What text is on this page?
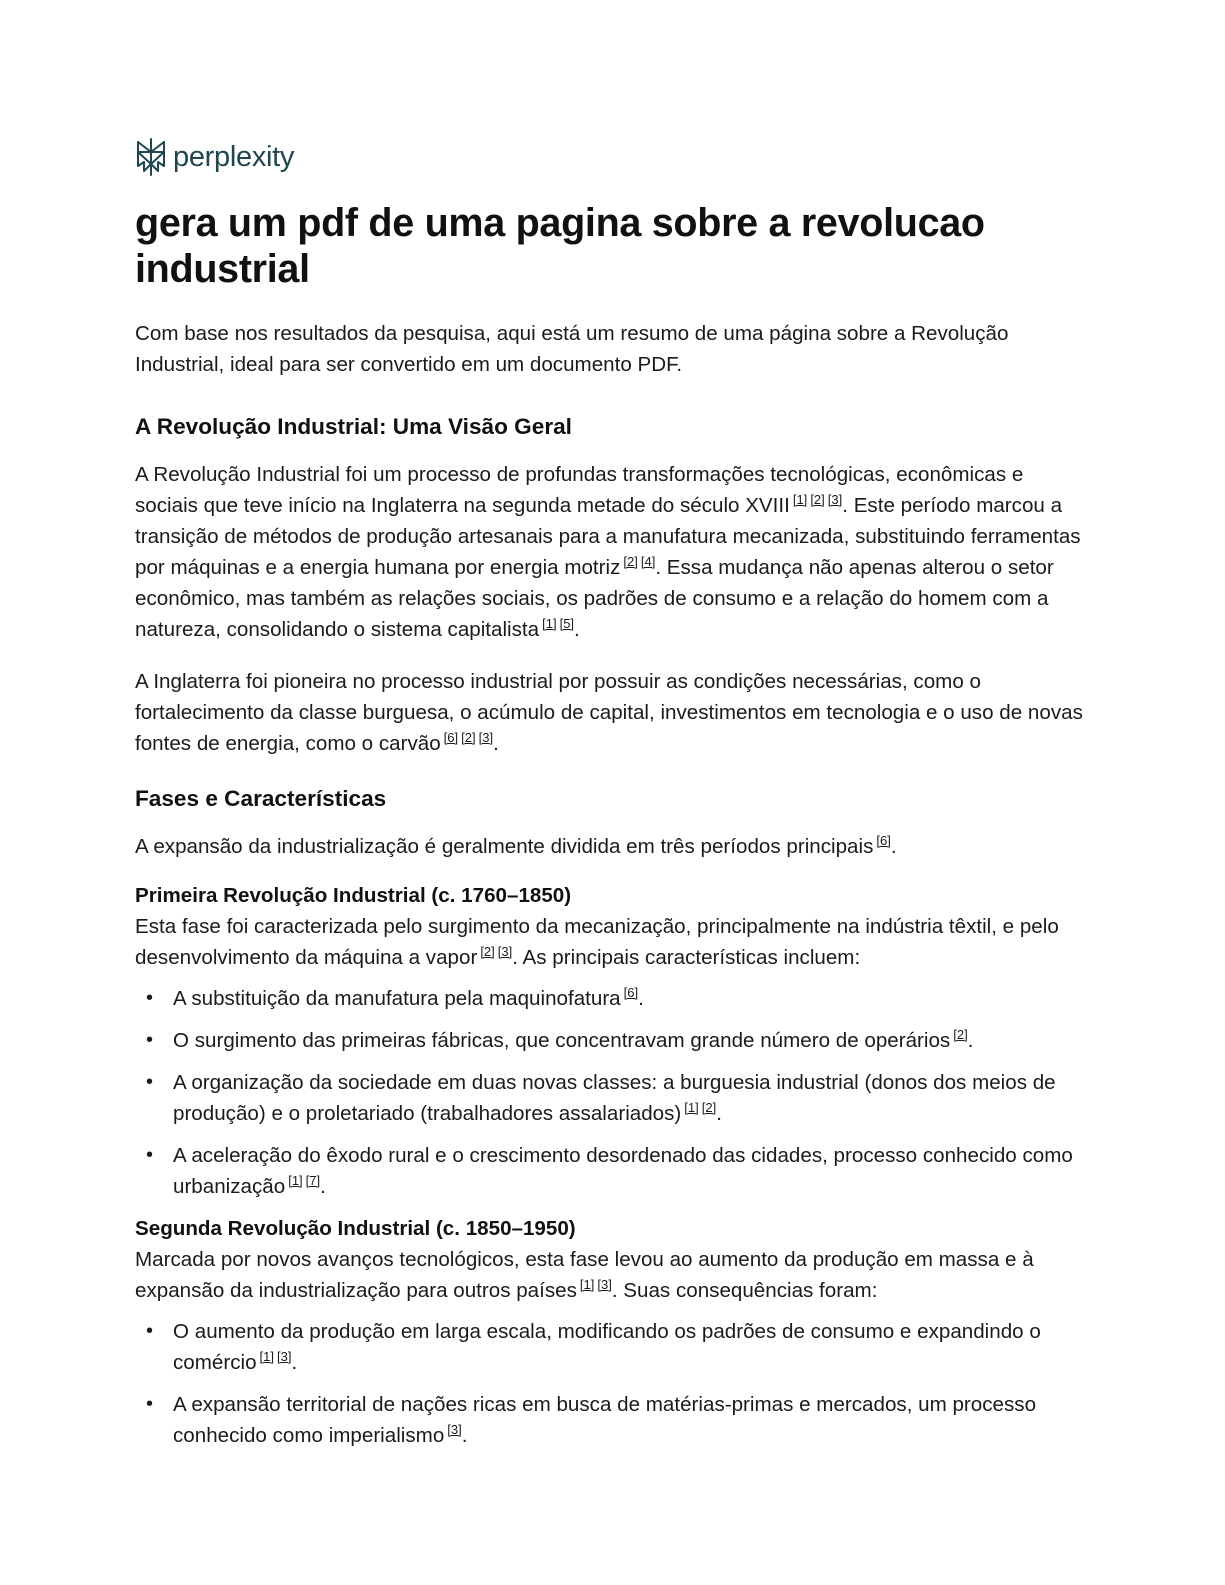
perplexity
gera um pdf de uma pagina sobre a revolucao industrial

Com base nos resultados da pesquisa, aqui está um resumo de uma página sobre a Revolução Industrial, ideal para ser convertido em um documento PDF.

A Revolução Industrial: Uma Visão Geral

A Revolução Industrial foi um processo de profundas transformações tecnológicas, econômicas e sociais que teve início na Inglaterra na segunda metade do século XVIII [1] [2] [3]. Este período marcou a transição de métodos de produção artesanais para a manufatura mecanizada, substituindo ferramentas por máquinas e a energia humana por energia motriz [2] [4]. Essa mudança não apenas alterou o setor econômico, mas também as relações sociais, os padrões de consumo e a relação do homem com a natureza, consolidando o sistema capitalista [1] [5].

A Inglaterra foi pioneira no processo industrial por possuir as condições necessárias, como o fortalecimento da classe burguesa, o acúmulo de capital, investimentos em tecnologia e o uso de novas fontes de energia, como o carvão [6] [2] [3].

Fases e Características

A expansão da industrialização é geralmente dividida em três períodos principais [6].

Primeira Revolução Industrial (c. 1760–1850)

Esta fase foi caracterizada pelo surgimento da mecanização, principalmente na indústria têxtil, e pelo desenvolvimento da máquina a vapor [2] [3]. As principais características incluem:

• A substituição da manufatura pela maquinofatura [6].
• O surgimento das primeiras fábricas, que concentravam grande número de operários [2].
• A organização da sociedade em duas novas classes: a burguesia industrial (donos dos meios de produção) e o proletariado (trabalhadores assalariados) [1] [2].
• A aceleração do êxodo rural e o crescimento desordenado das cidades, processo conhecido como urbanização [1] [7].
Segunda Revolução Industrial (c. 1850–1950)

Marcada por novos avanços tecnológicos, esta fase levou ao aumento da produção em massa e à expansão da industrialização para outros países [1] [3]. Suas consequências foram:

• O aumento da produção em larga escala, modificando os padrões de consumo e expandindo o comércio [1] [3].
• A expansão territorial de nações ricas em busca de matérias-primas e mercados, um processo conhecido como imperialismo [3].
